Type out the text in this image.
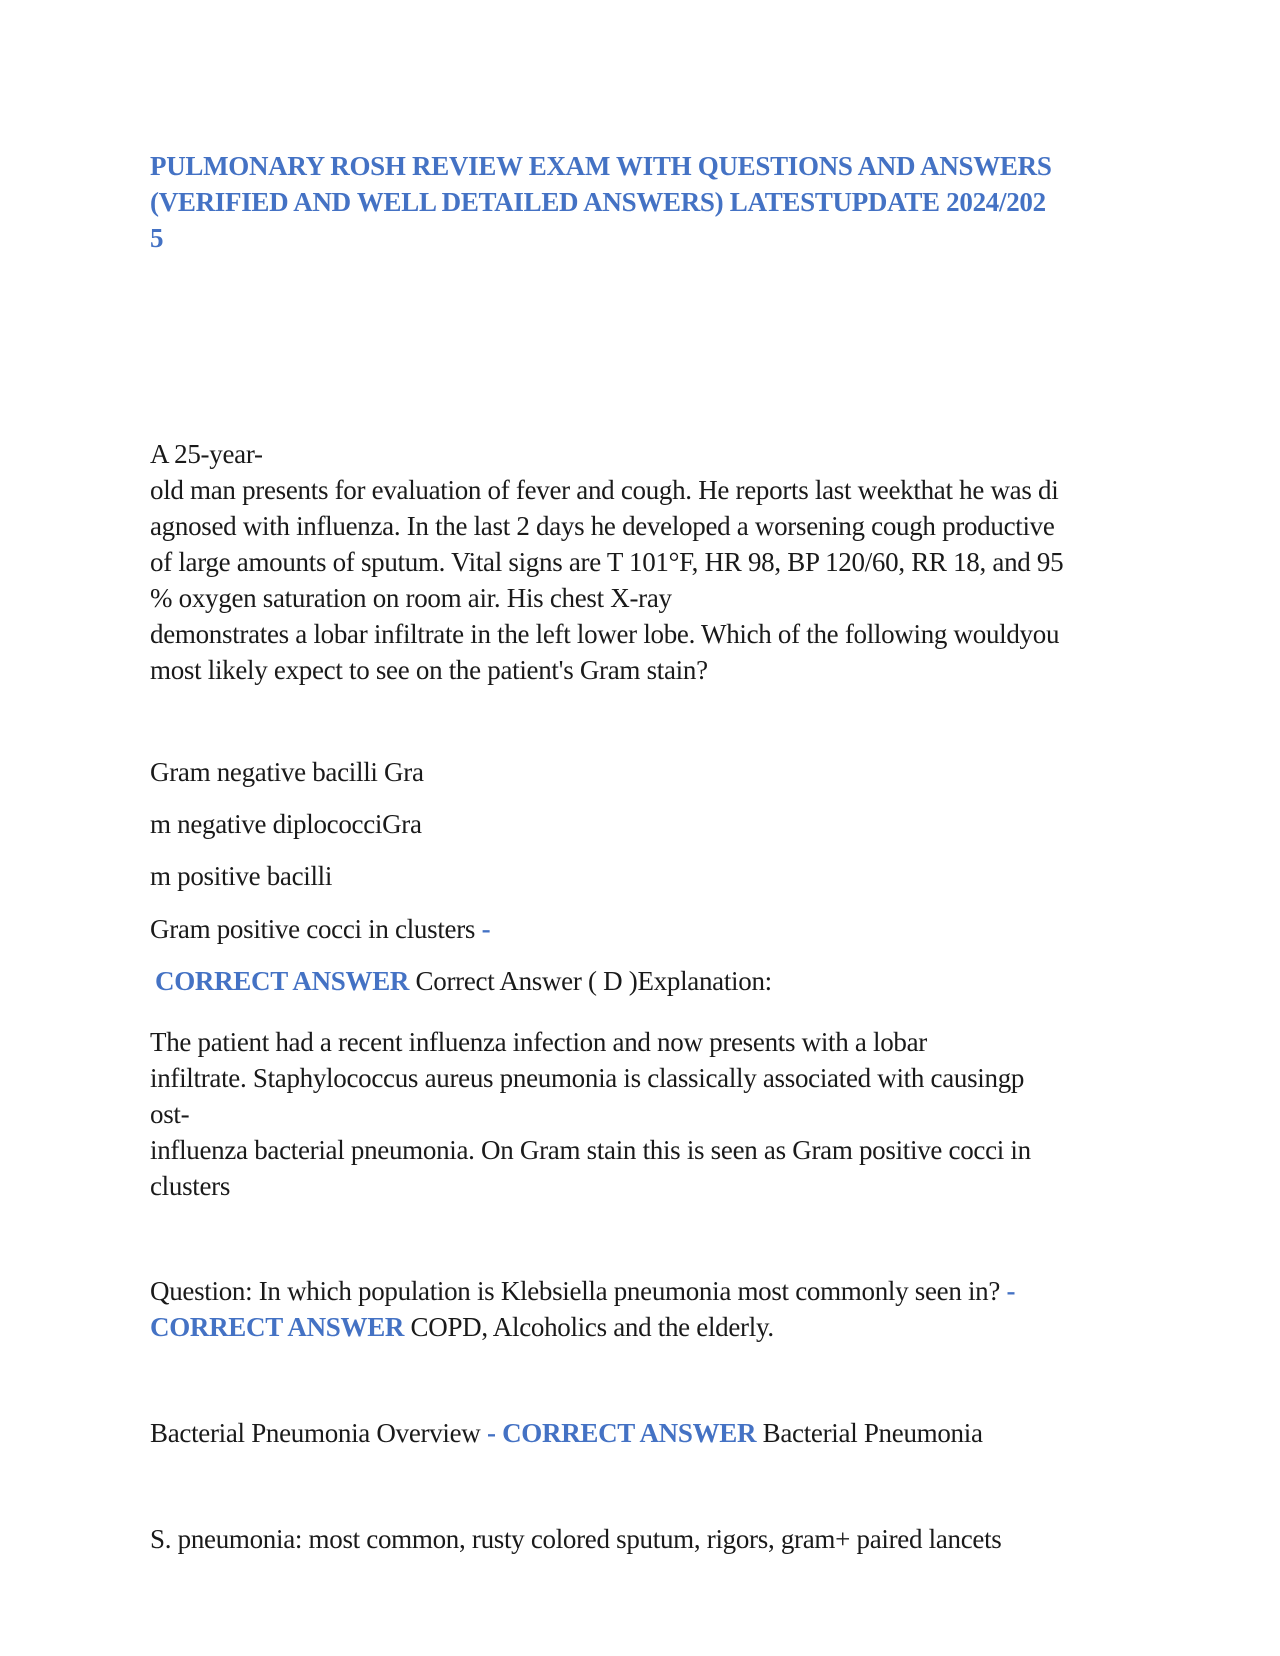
PULMONARY ROSH REVIEW EXAM WITH QUESTIONS AND ANSWERS
(VERIFIED AND WELL DETAILED ANSWERS) LATESTUPDATE 2024/202
5
A 25-year-
old man presents for evaluation of fever and cough. He reports last weekthat he was di
agnosed with influenza. In the last 2 days he developed a worsening cough productive
of large amounts of sputum. Vital signs are T 101°F, HR 98, BP 120/60, RR 18, and 95
% oxygen saturation on room air. His chest X-ray
demonstrates a lobar infiltrate in the left lower lobe. Which of the following wouldyou
most likely expect to see on the patient's Gram stain?
Gram negative bacilli Gra
m negative diplococciGra
m positive bacilli
Gram positive cocci in clusters -
CORRECT ANSWER Correct Answer ( D )Explanation:
The patient had a recent influenza infection and now presents with a lobar
infiltrate. Staphylococcus aureus pneumonia is classically associated with causingp
ost-
influenza bacterial pneumonia. On Gram stain this is seen as Gram positive cocci in
clusters
Question: In which population is Klebsiella pneumonia most commonly seen in? -
CORRECT ANSWER COPD, Alcoholics and the elderly.
Bacterial Pneumonia Overview - CORRECT ANSWER Bacterial Pneumonia
S. pneumonia: most common, rusty colored sputum, rigors, gram+ paired lancets
